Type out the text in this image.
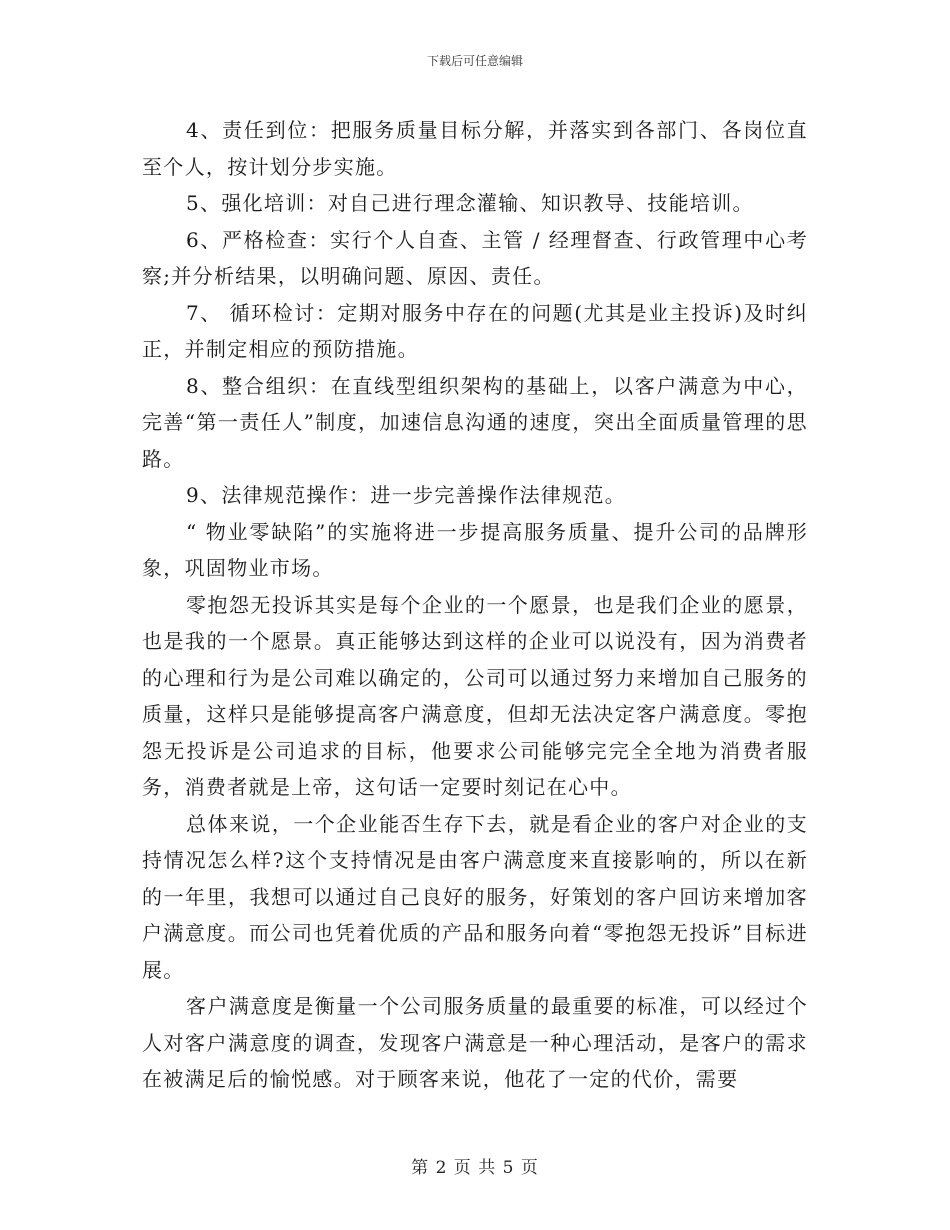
下载后可任意编辑

4、责任到位：把服务质量目标分解，并落实到各部门、各岗位直至个人，按计划分步实施。

5、强化培训：对自己进行理念灌输、知识教导、技能培训。

6、严格检查：实行个人自查、主管 / 经理督查、行政管理中心考察;并分析结果，以明确问题、原因、责任。

7、 循环检讨：定期对服务中存在的问题(尤其是业主投诉)及时纠正，并制定相应的预防措施。

8、整合组织：在直线型组织架构的基础上，以客户满意为中心，完善“第一责任人”制度，加速信息沟通的速度，突出全面质量管理的思路。

9、法律规范操作：进一步完善操作法律规范。

“ 物业零缺陷”的实施将进一步提高服务质量、提升公司的品牌形象，巩固物业市场。

零抱怨无投诉其实是每个企业的一个愿景，也是我们企业的愿景，也是我的一个愿景。真正能够达到这样的企业可以说没有，因为消费者的心理和行为是公司难以确定的，公司可以通过努力来增加自己服务的质量，这样只是能够提高客户满意度，但却无法决定客户满意度。零抱怨无投诉是公司追求的目标，他要求公司能够完完全全地为消费者服务，消费者就是上帝，这句话一定要时刻记在心中。

总体来说，一个企业能否生存下去，就是看企业的客户对企业的支持情况怎么样?这个支持情况是由客户满意度来直接影响的，所以在新的一年里，我想可以通过自己良好的服务，好策划的客户回访来增加客户满意度。而公司也凭着优质的产品和服务向着“零抱怨无投诉”目标进展。

客户满意度是衡量一个公司服务质量的最重要的标准，可以经过个人对客户满意度的调查，发现客户满意是一种心理活动，是客户的需求在被满足后的愉悦感。对于顾客来说，他花了一定的代价，需要

第 2 页 共 5 页
